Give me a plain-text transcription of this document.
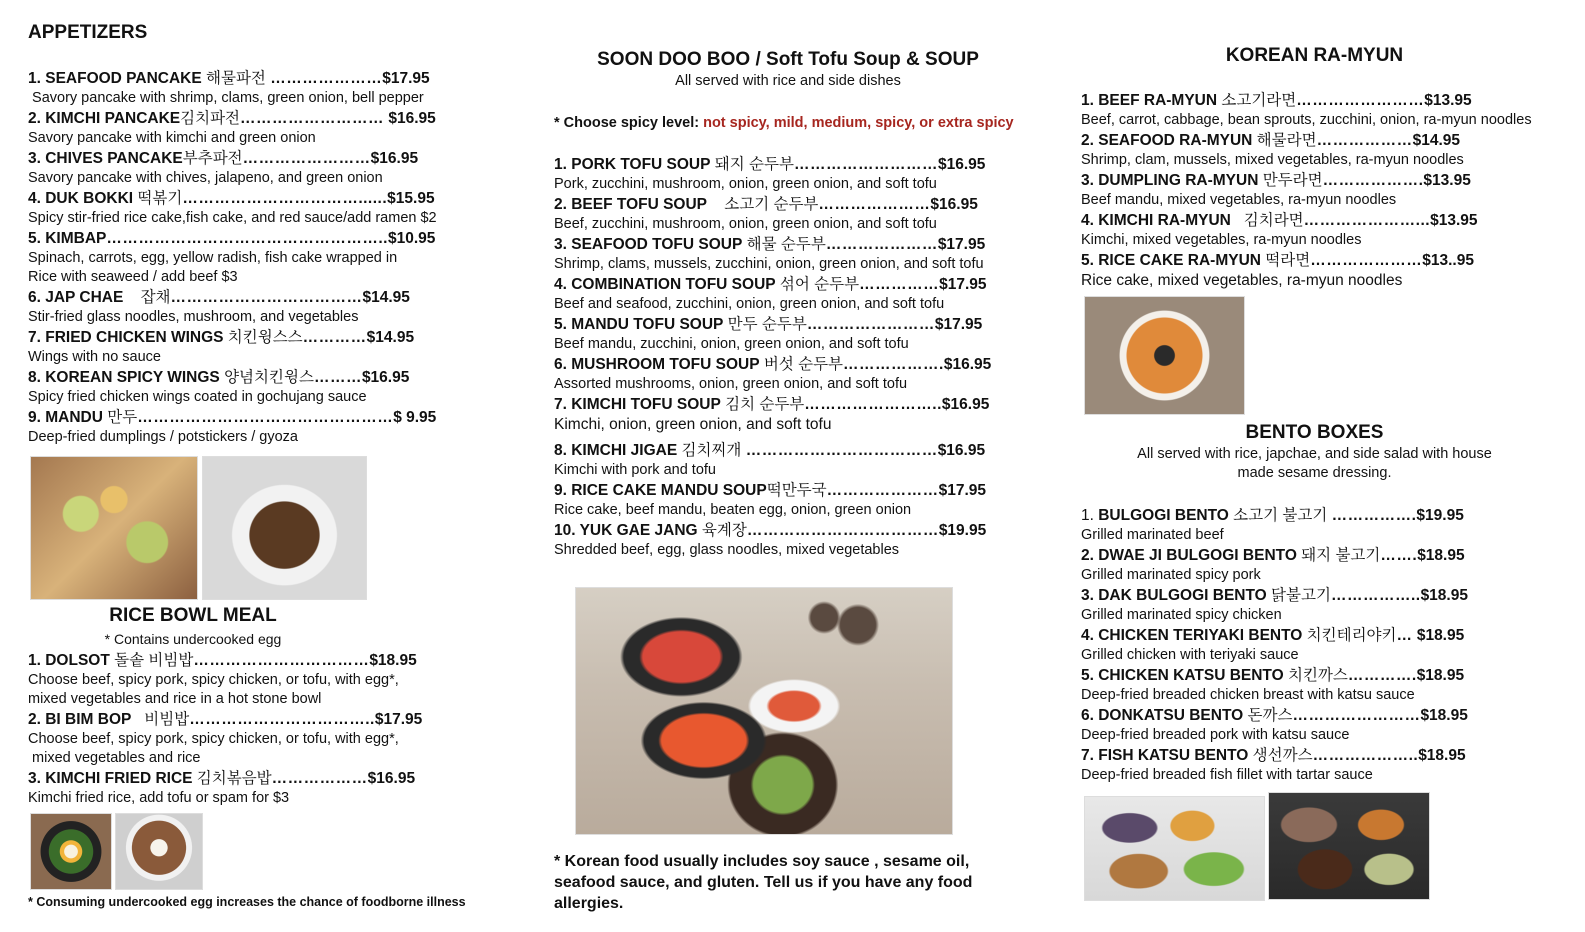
APPETIZERS
1. SEAFOOD PANCAKE 해물파전 …………………$17.95
Savory pancake with shrimp, clams, green onion, bell pepper
2. KIMCHI PANCAKE김치파전……………………… $16.95
Savory pancake with kimchi and green onion
3. CHIVES PANCAKE부추파전……………………$16.95
Savory pancake with chives, jalapeno, and green onion
4. DUK BOKKI 떡볶기……………………………......$15.95
Spicy stir-fried rice cake,fish cake, and red sauce/add ramen $2
5. KIMBAP……………………………………………..$10.95
Spinach, carrots, egg, yellow radish, fish cake wrapped in
Rice with seaweed / add beef $3
6. JAP CHAE    잡채………………………………$14.95
Stir-fried glass noodles, mushroom, and vegetables
7. FRIED CHICKEN WINGS 치킨윙스스…………$14.95
Wings with no sauce
8. KOREAN SPICY WINGS 양념치킨윙스………$16.95
Spicy fried chicken wings coated in gochujang sauce
9. MANDU 만두…………………………………………$ 9.95
Deep-fried dumplings / potstickers / gyoza
RICE BOWL MEAL
* Contains undercooked egg
1. DOLSOT 돌솥 비빔밥……………………………$18.95
Choose beef, spicy pork, spicy chicken, or tofu, with egg*,
mixed vegetables and rice in a hot stone bowl
2. BI BIM BOP   비빔밥……………………………..$17.95
Choose beef, spicy pork, spicy chicken, or tofu, with egg*,
mixed vegetables and rice
3. KIMCHI FRIED RICE 김치볶음밥………………$16.95
Kimchi fried rice, add tofu or spam for $3
* Consuming undercooked egg increases the chance of foodborne illness
SOON DOO BOO / Soft Tofu Soup & SOUP
All served with rice and side dishes
* Choose spicy level: not spicy, mild, medium, spicy, or extra spicy
1. PORK TOFU SOUP 돼지 순두부………………………$16.95
Pork, zucchini, mushroom, onion, green onion, and soft tofu
2. BEEF TOFU SOUP    소고기 순두부…………………$16.95
Beef, zucchini, mushroom, onion, green onion, and soft tofu
3. SEAFOOD TOFU SOUP 해물 순두부…………………$17.95
Shrimp, clams, mussels, zucchini, onion, green onion, and soft tofu
4. COMBINATION TOFU SOUP 섞어 순두부……………$17.95
Beef and seafood, zucchini, onion, green onion, and soft tofu
5. MANDU TOFU SOUP 만두 순두부……………………$17.95
Beef mandu, zucchini, onion, green onion, and soft tofu
6. MUSHROOM TOFU SOUP 버섯 순두부……………….$16.95
Assorted mushrooms, onion, green onion, and soft tofu
7. KIMCHI TOFU SOUP 김치 순두부……………………..$16.95
Kimchi, onion, green onion, and soft tofu
8. KIMCHI JIGAE 김치찌개 ………………………………$16.95
Kimchi with pork and tofu
9. RICE CAKE MANDU SOUP떡만두국…………………$17.95
Rice cake, beef mandu, beaten egg, onion, green onion
10. YUK GAE JANG 육계장………………………………$19.95
Shredded beef, egg, glass noodles, mixed vegetables
* Korean food usually includes soy sauce , sesame oil, seafood sauce, and gluten. Tell us if you have any food allergies.
KOREAN RA-MYUN
1. BEEF RA-MYUN 소고기라면……………………$13.95
Beef, carrot, cabbage, bean sprouts, zucchini, onion, ra-myun noodles
2. SEAFOOD RA-MYUN 해물라면………………$14.95
Shrimp, clam, mussels, mixed vegetables, ra-myun noodles
3. DUMPLING RA-MYUN 만두라면……………….$13.95
Beef mandu, mixed vegetables, ra-myun noodles
4. KIMCHI RA-MYUN   김치라면…………………...$13.95
Kimchi, mixed vegetables, ra-myun noodles
5. RICE CAKE RA-MYUN 떡라면…………………$13..95
Rice cake, mixed vegetables, ra-myun noodles
BENTO BOXES
All served with rice, japchae, and side salad with house
made sesame dressing.
1. BULGOGI BENTO 소고기 불고기 …………….$19.95
Grilled marinated beef
2. DWAE JI BULGOGI BENTO 돼지 불고기…….$18.95
Grilled marinated spicy pork
3. DAK BULGOGI BENTO 닭불고기……………..$18.95
Grilled marinated spicy chicken
4. CHICKEN TERIYAKI BENTO 치킨테리야키… $18.95
Grilled chicken with teriyaki sauce
5. CHICKEN KATSU BENTO 치킨까스………….$18.95
Deep-fried breaded chicken breast with katsu sauce
6. DONKATSU BENTO 돈까스……………………$18.95
Deep-fried breaded pork with katsu sauce
7. FISH KATSU BENTO 생선까스………………..$18.95
Deep-fried breaded fish fillet with tartar sauce
